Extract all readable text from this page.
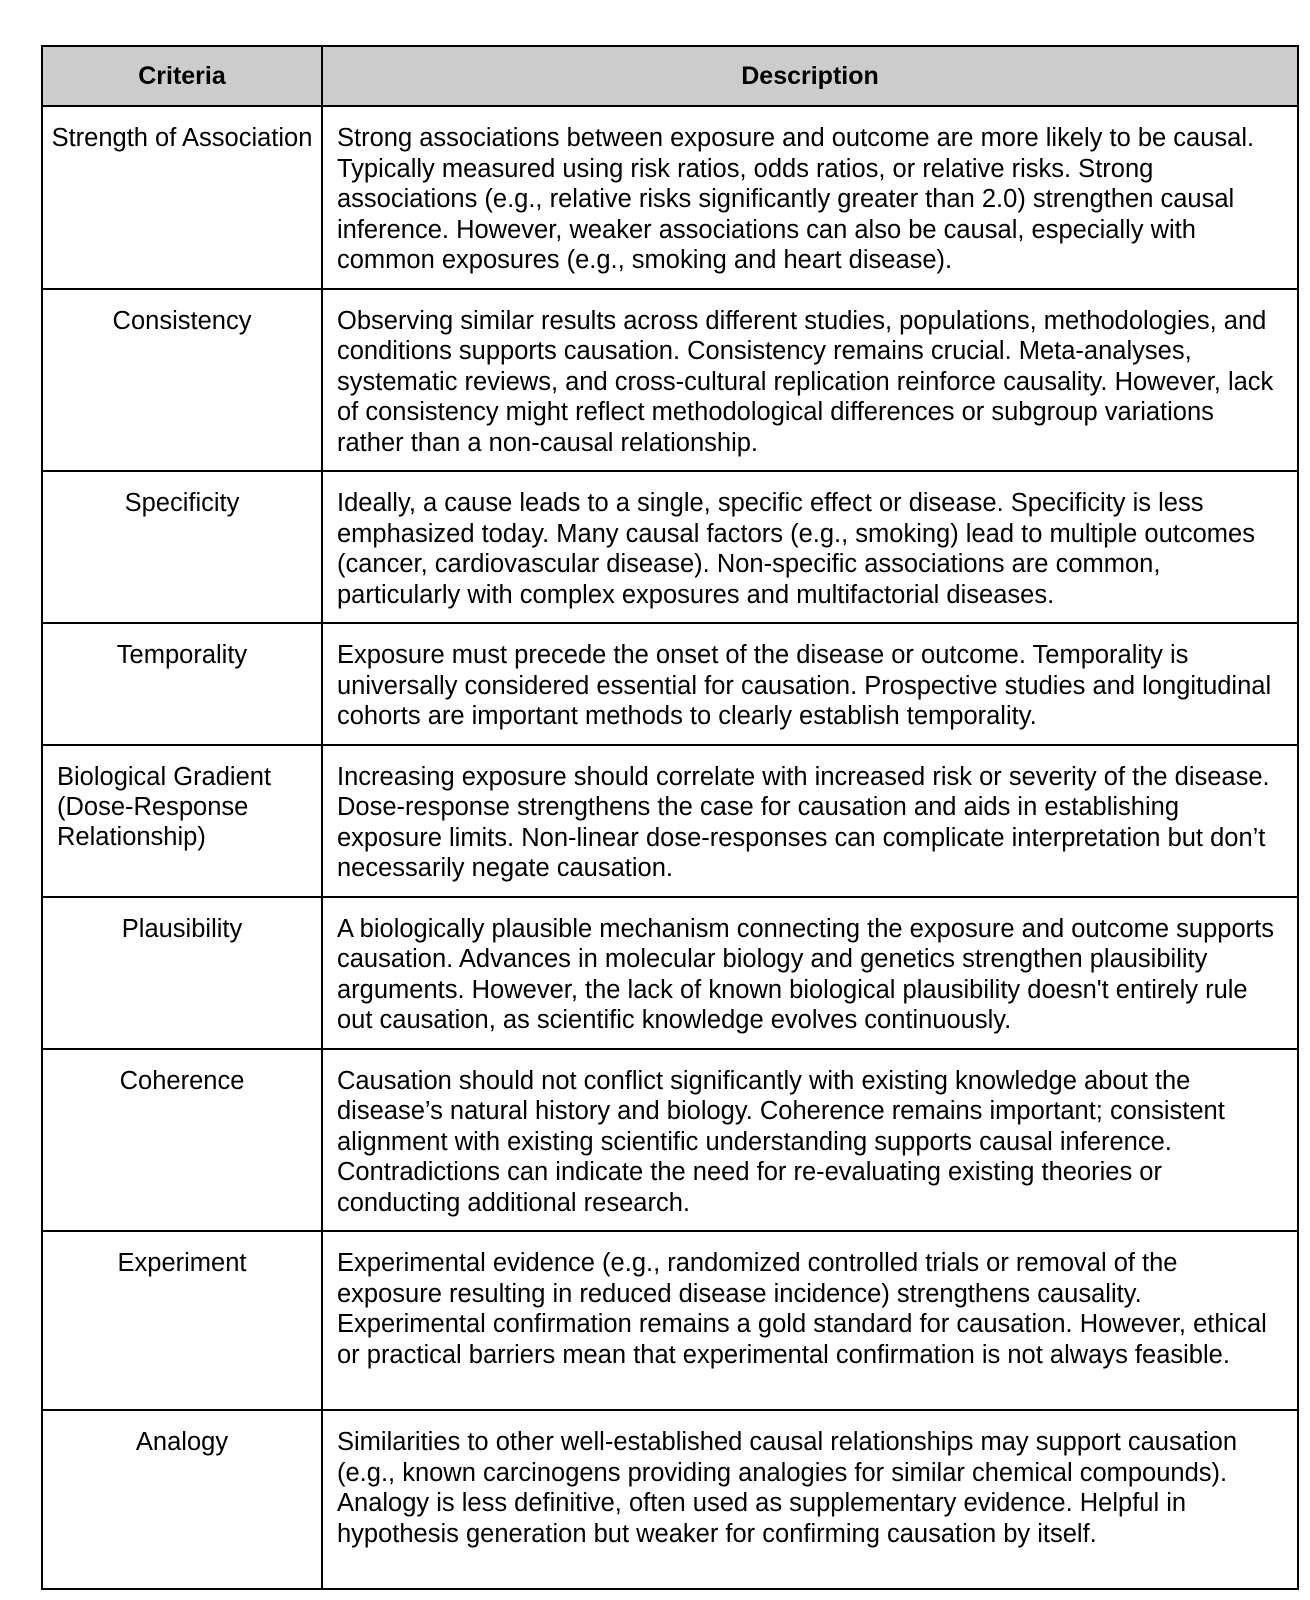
Criteria	Description
Strength of Association	Strong associations between exposure and outcome are more likely to be causal. Typically measured using risk ratios, odds ratios, or relative risks. Strong associations (e.g., relative risks significantly greater than 2.0) strengthen causal inference. However, weaker associations can also be causal, especially with common exposures (e.g., smoking and heart disease).
Consistency	Observing similar results across different studies, populations, methodologies, and conditions supports causation. Consistency remains crucial. Meta-analyses, systematic reviews, and cross-cultural replication reinforce causality. However, lack of consistency might reflect methodological differences or subgroup variations rather than a non-causal relationship.
Specificity	Ideally, a cause leads to a single, specific effect or disease. Specificity is less emphasized today. Many causal factors (e.g., smoking) lead to multiple outcomes (cancer, cardiovascular disease). Non-specific associations are common, particularly with complex exposures and multifactorial diseases.
Temporality	Exposure must precede the onset of the disease or outcome. Temporality is universally considered essential for causation. Prospective studies and longitudinal cohorts are important methods to clearly establish temporality.
Biological Gradient (Dose-Response Relationship)	Increasing exposure should correlate with increased risk or severity of the disease. Dose-response strengthens the case for causation and aids in establishing exposure limits. Non-linear dose-responses can complicate interpretation but don’t necessarily negate causation.
Plausibility	A biologically plausible mechanism connecting the exposure and outcome supports causation. Advances in molecular biology and genetics strengthen plausibility arguments. However, the lack of known biological plausibility doesn't entirely rule out causation, as scientific knowledge evolves continuously.
Coherence	Causation should not conflict significantly with existing knowledge about the disease’s natural history and biology. Coherence remains important; consistent alignment with existing scientific understanding supports causal inference. Contradictions can indicate the need for re-evaluating existing theories or conducting additional research.
Experiment	Experimental evidence (e.g., randomized controlled trials or removal of the exposure resulting in reduced disease incidence) strengthens causality. Experimental confirmation remains a gold standard for causation. However, ethical or practical barriers mean that experimental confirmation is not always feasible.
Analogy	Similarities to other well-established causal relationships may support causation (e.g., known carcinogens providing analogies for similar chemical compounds). Analogy is less definitive, often used as supplementary evidence. Helpful in hypothesis generation but weaker for confirming causation by itself.
